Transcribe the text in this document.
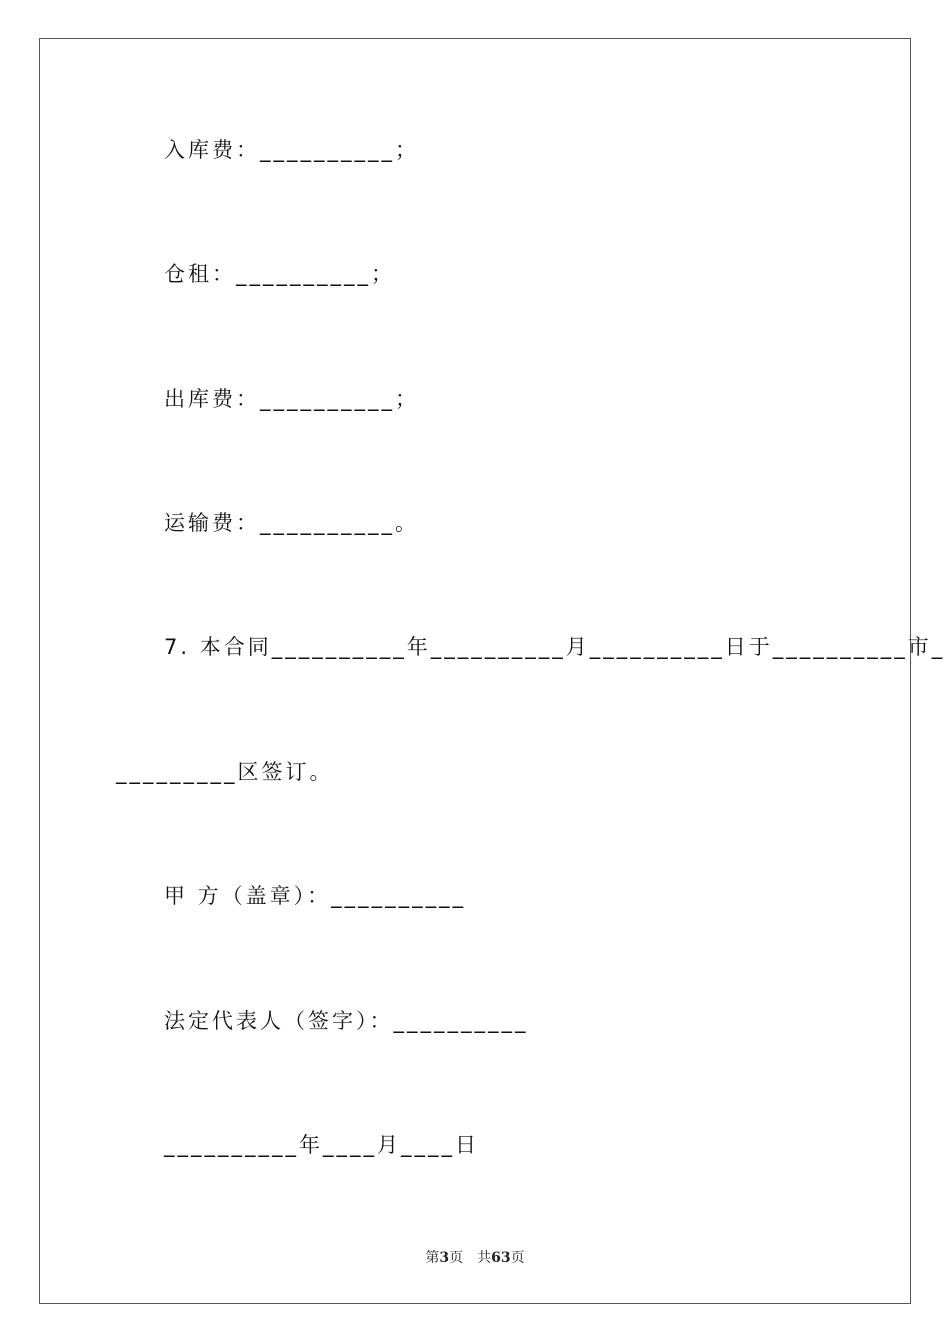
入库费：__________；
仓租：__________；
出库费：__________；
运输费：__________。
7. 本合同__________年__________月__________日于__________市_
_________区签订。
甲 方（盖章）：__________
法定代表人（签字）：__________
__________年____月____日
第3页 共63页
